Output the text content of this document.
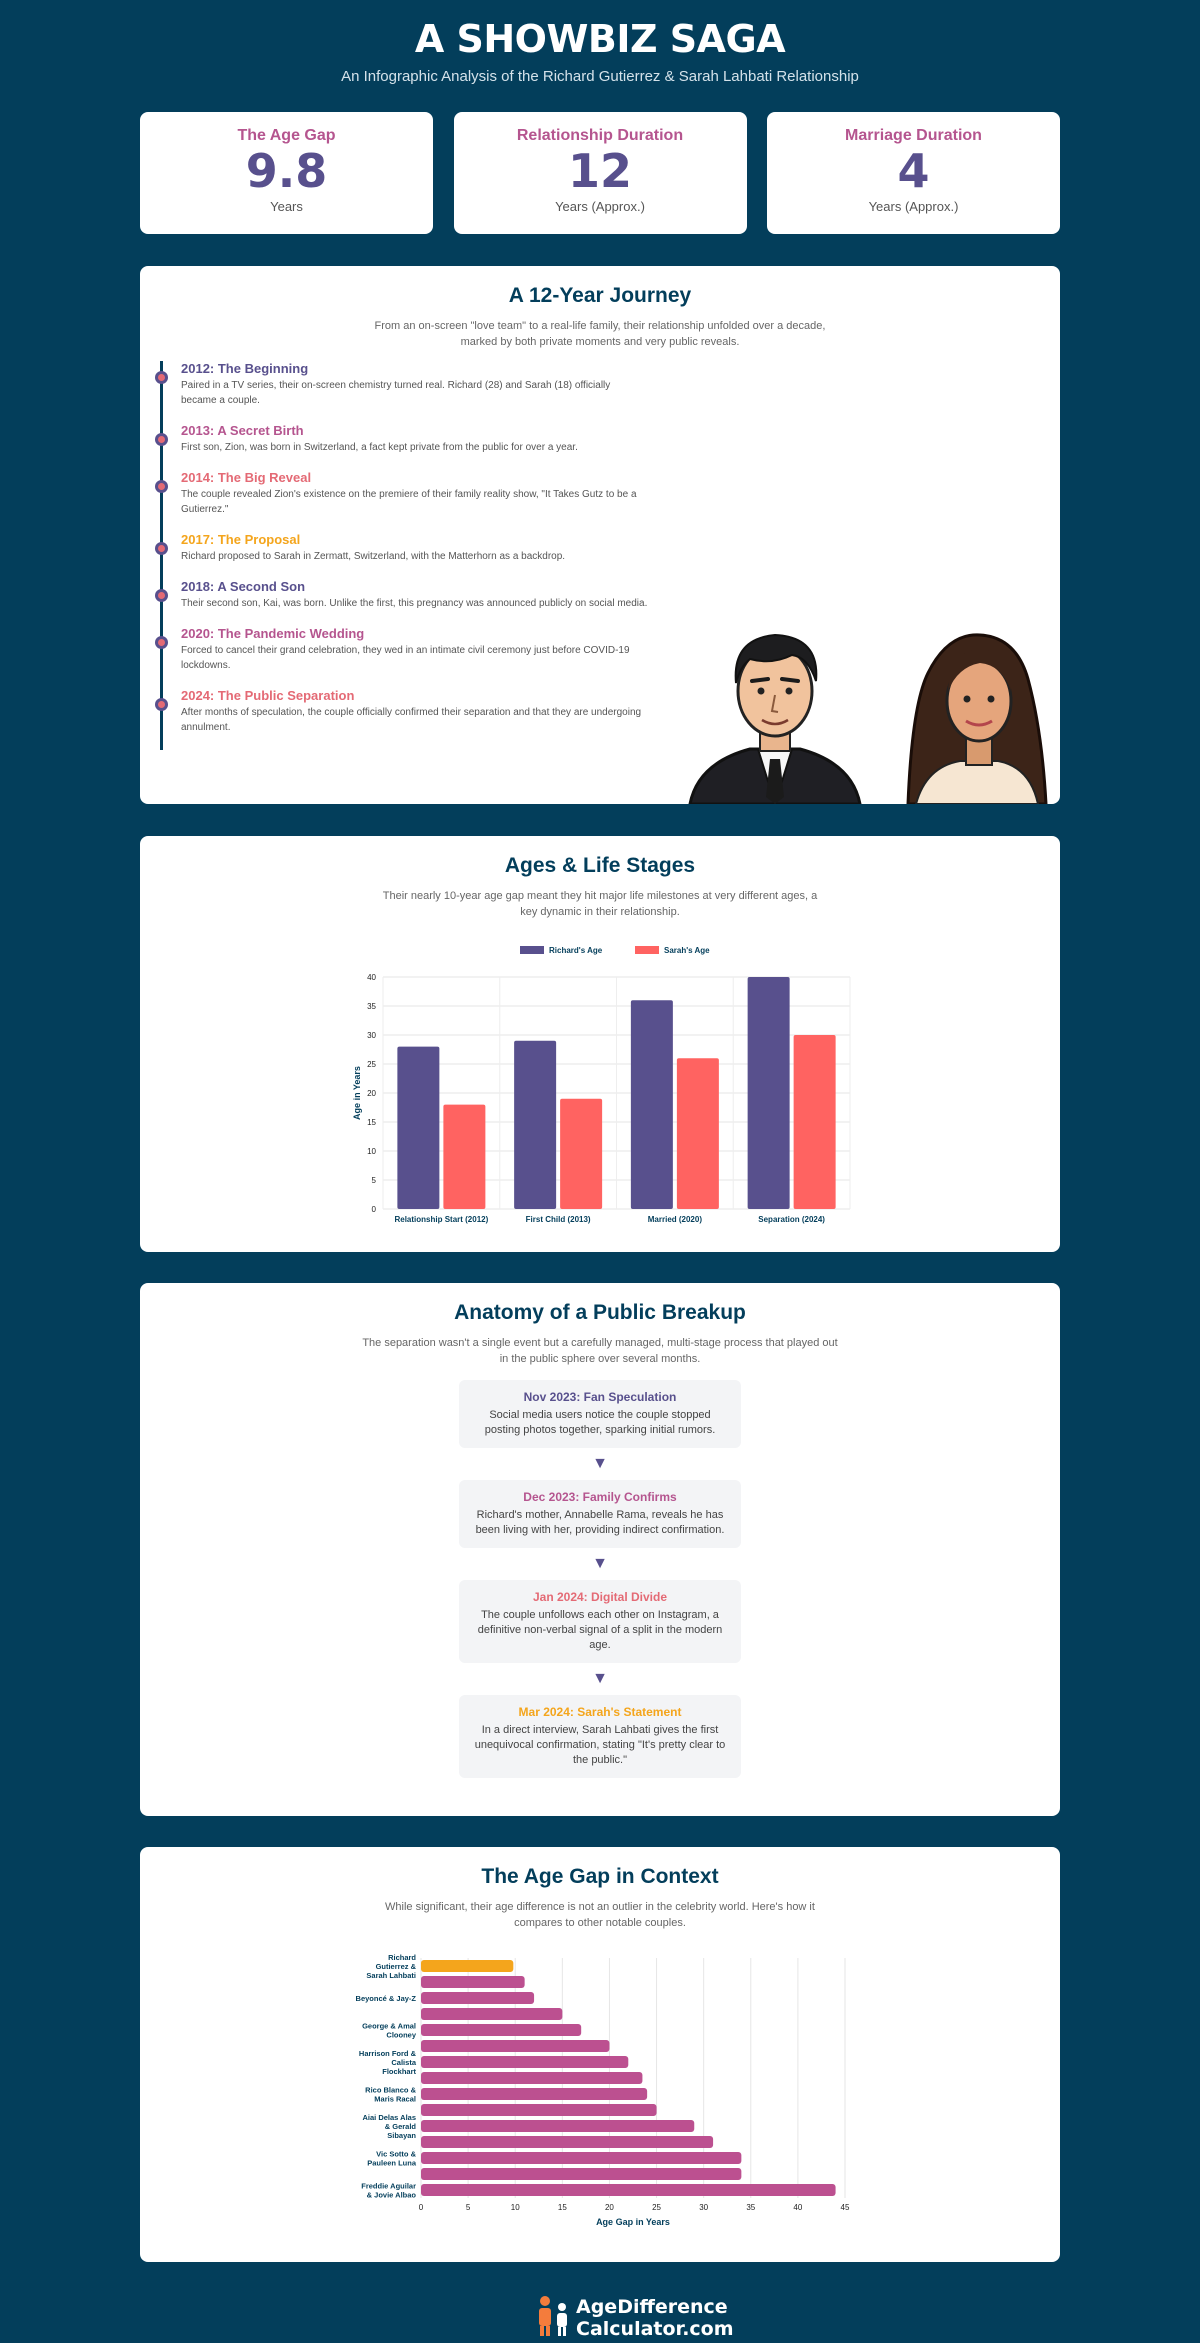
A SHOWBIZ SAGA

An Infographic Analysis of the Richard Gutierrez & Sarah Lahbati Relationship

The Age Gap
9.8
Years
Relationship Duration
12
Years (Approx.)
Marriage Duration
4
Years (Approx.)
A 12-Year Journey

From an on-screen "love team" to a real-life family, their relationship unfolded over a decade, marked by both private moments and very public reveals.

2012: The Beginning
Paired in a TV series, their on-screen chemistry turned real. Richard (28) and Sarah (18) officially became a couple.
2013: A Secret Birth
First son, Zion, was born in Switzerland, a fact kept private from the public for over a year.
2014: The Big Reveal
The couple revealed Zion's existence on the premiere of their family reality show, "It Takes Gutz to be a Gutierrez."
2017: The Proposal
Richard proposed to Sarah in Zermatt, Switzerland, with the Matterhorn as a backdrop.
2018: A Second Son
Their second son, Kai, was born. Unlike the first, this pregnancy was announced publicly on social media.
2020: The Pandemic Wedding
Forced to cancel their grand celebration, they wed in an intimate civil ceremony just before COVID-19 lockdowns.
2024: The Public Separation
After months of speculation, the couple officially confirmed their separation and that they are undergoing annulment.
Ages & Life Stages

Their nearly 10-year age gap meant they hit major life milestones at very different ages, a key dynamic in their relationship.

0
5
10
15
20
25
30
35
40
Relationship Start (2012)	First Child (2013)	Married (2020)	Separation (2024)
Age in Years
Richard's Age	Sarah's Age
Anatomy of a Public Breakup

The separation wasn't a single event but a carefully managed, multi-stage process that played out in the public sphere over several months.

Nov 2023: Fan Speculation
Social media users notice the couple stopped posting photos together, sparking initial rumors.
▼
Dec 2023: Family Confirms
Richard's mother, Annabelle Rama, reveals he has been living with her, providing indirect confirmation.
▼
Jan 2024: Digital Divide
The couple unfollows each other on Instagram, a definitive non-verbal signal of a split in the modern age.
▼
Mar 2024: Sarah's Statement
In a direct interview, Sarah Lahbati gives the first unequivocal confirmation, stating "It's pretty clear to the public."
The Age Gap in Context

While significant, their age difference is not an outlier in the celebrity world. Here's how it compares to other notable couples.

0	5	10	15	20	25	30	35	40	45
Richard Gutierrez & Sarah Lahbati
Beyoncé & Jay-Z
George & Amal Clooney
Harrison Ford & Calista Flockhart
Rico Blanco & Maris Racal
Aiai Delas Alas & Gerald Sibayan
Vic Sotto & Pauleen Luna
Freddie Aguilar & Jovie Albao
Age Gap in Years
AgeDifference
Calculator.com
